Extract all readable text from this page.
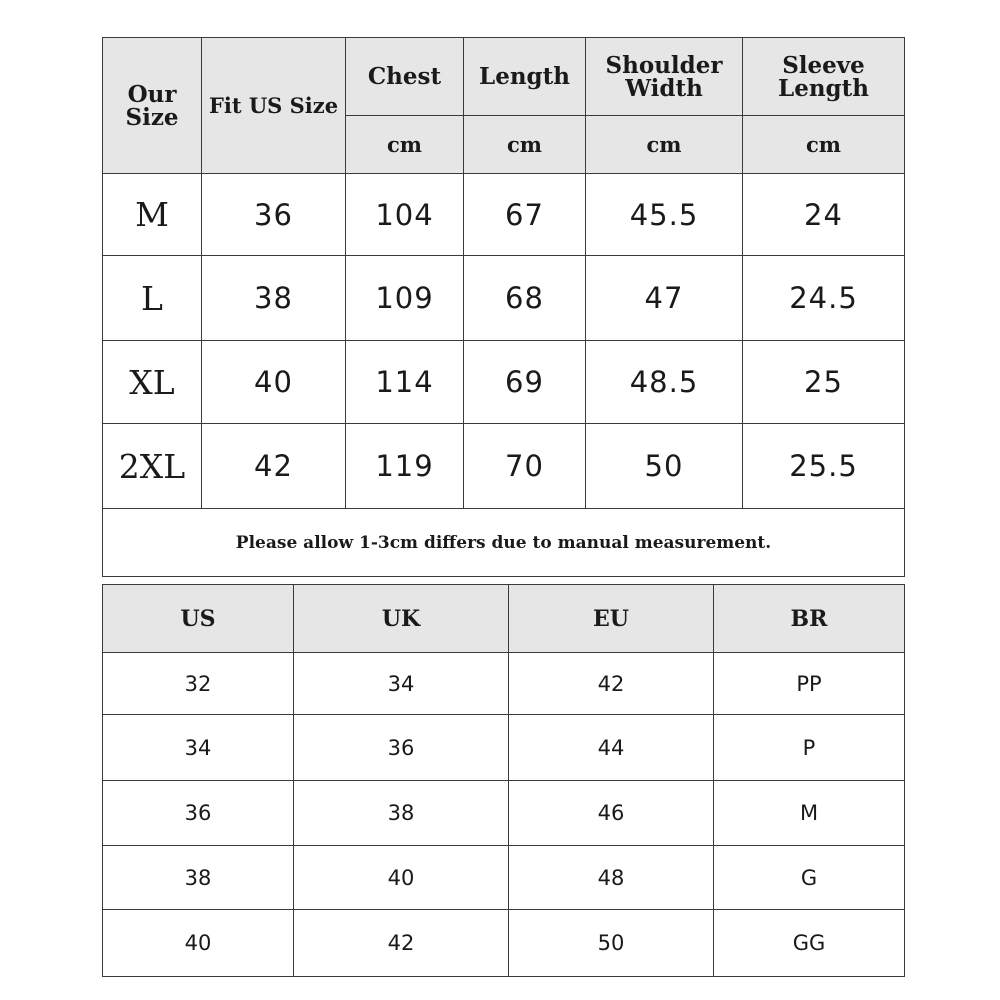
Our Size	Fit US Size	Chest	Length	Shoulder Width	Sleeve Length
		cm	cm	cm	cm
M	36	104	67	45.5	24
L	38	109	68	47	24.5
XL	40	114	69	48.5	25
2XL	42	119	70	50	25.5
Please allow 1-3cm differs due to manual measurement.					
US	UK	EU	BR
32	34	42	PP
34	36	44	P
36	38	46	M
38	40	48	G
40	42	50	GG
